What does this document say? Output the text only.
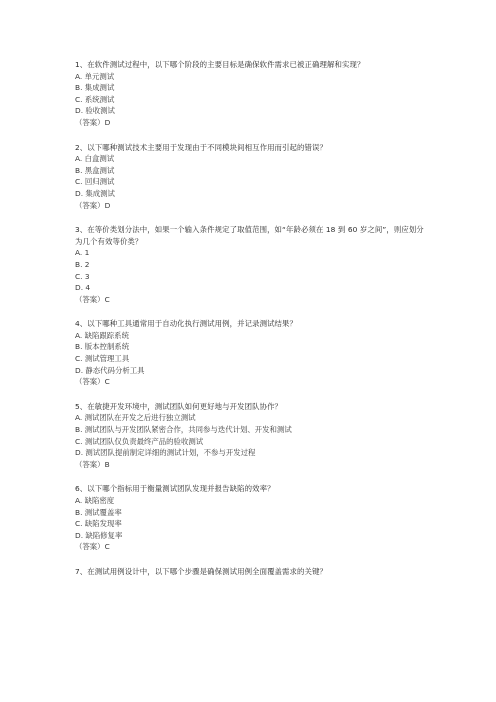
1、在软件测试过程中，以下哪个阶段的主要目标是确保软件需求已被正确理解和实现？

A. 单元测试

B. 集成测试

C. 系统测试

D. 验收测试

（答案）D

2、以下哪种测试技术主要用于发现由于不同模块间相互作用而引起的错误？

A. 白盒测试

B. 黑盒测试

C. 回归测试

D. 集成测试

（答案）D

3、在等价类划分法中，如果一个输入条件规定了取值范围，如“年龄必须在 18 到 60 岁之间”，则应划分为几个有效等价类？

A. 1

B. 2

C. 3

D. 4

（答案）C

4、以下哪种工具通常用于自动化执行测试用例，并记录测试结果？

A. 缺陷跟踪系统

B. 版本控制系统

C. 测试管理工具

D. 静态代码分析工具

（答案）C

5、在敏捷开发环境中，测试团队如何更好地与开发团队协作？

A. 测试团队在开发之后进行独立测试

B. 测试团队与开发团队紧密合作，共同参与迭代计划、开发和测试

C. 测试团队仅负责最终产品的验收测试

D. 测试团队提前制定详细的测试计划，不参与开发过程

（答案）B

6、以下哪个指标用于衡量测试团队发现并报告缺陷的效率？

A. 缺陷密度

B. 测试覆盖率

C. 缺陷发现率

D. 缺陷修复率

（答案）C

7、在测试用例设计中，以下哪个步骤是确保测试用例全面覆盖需求的关键？
